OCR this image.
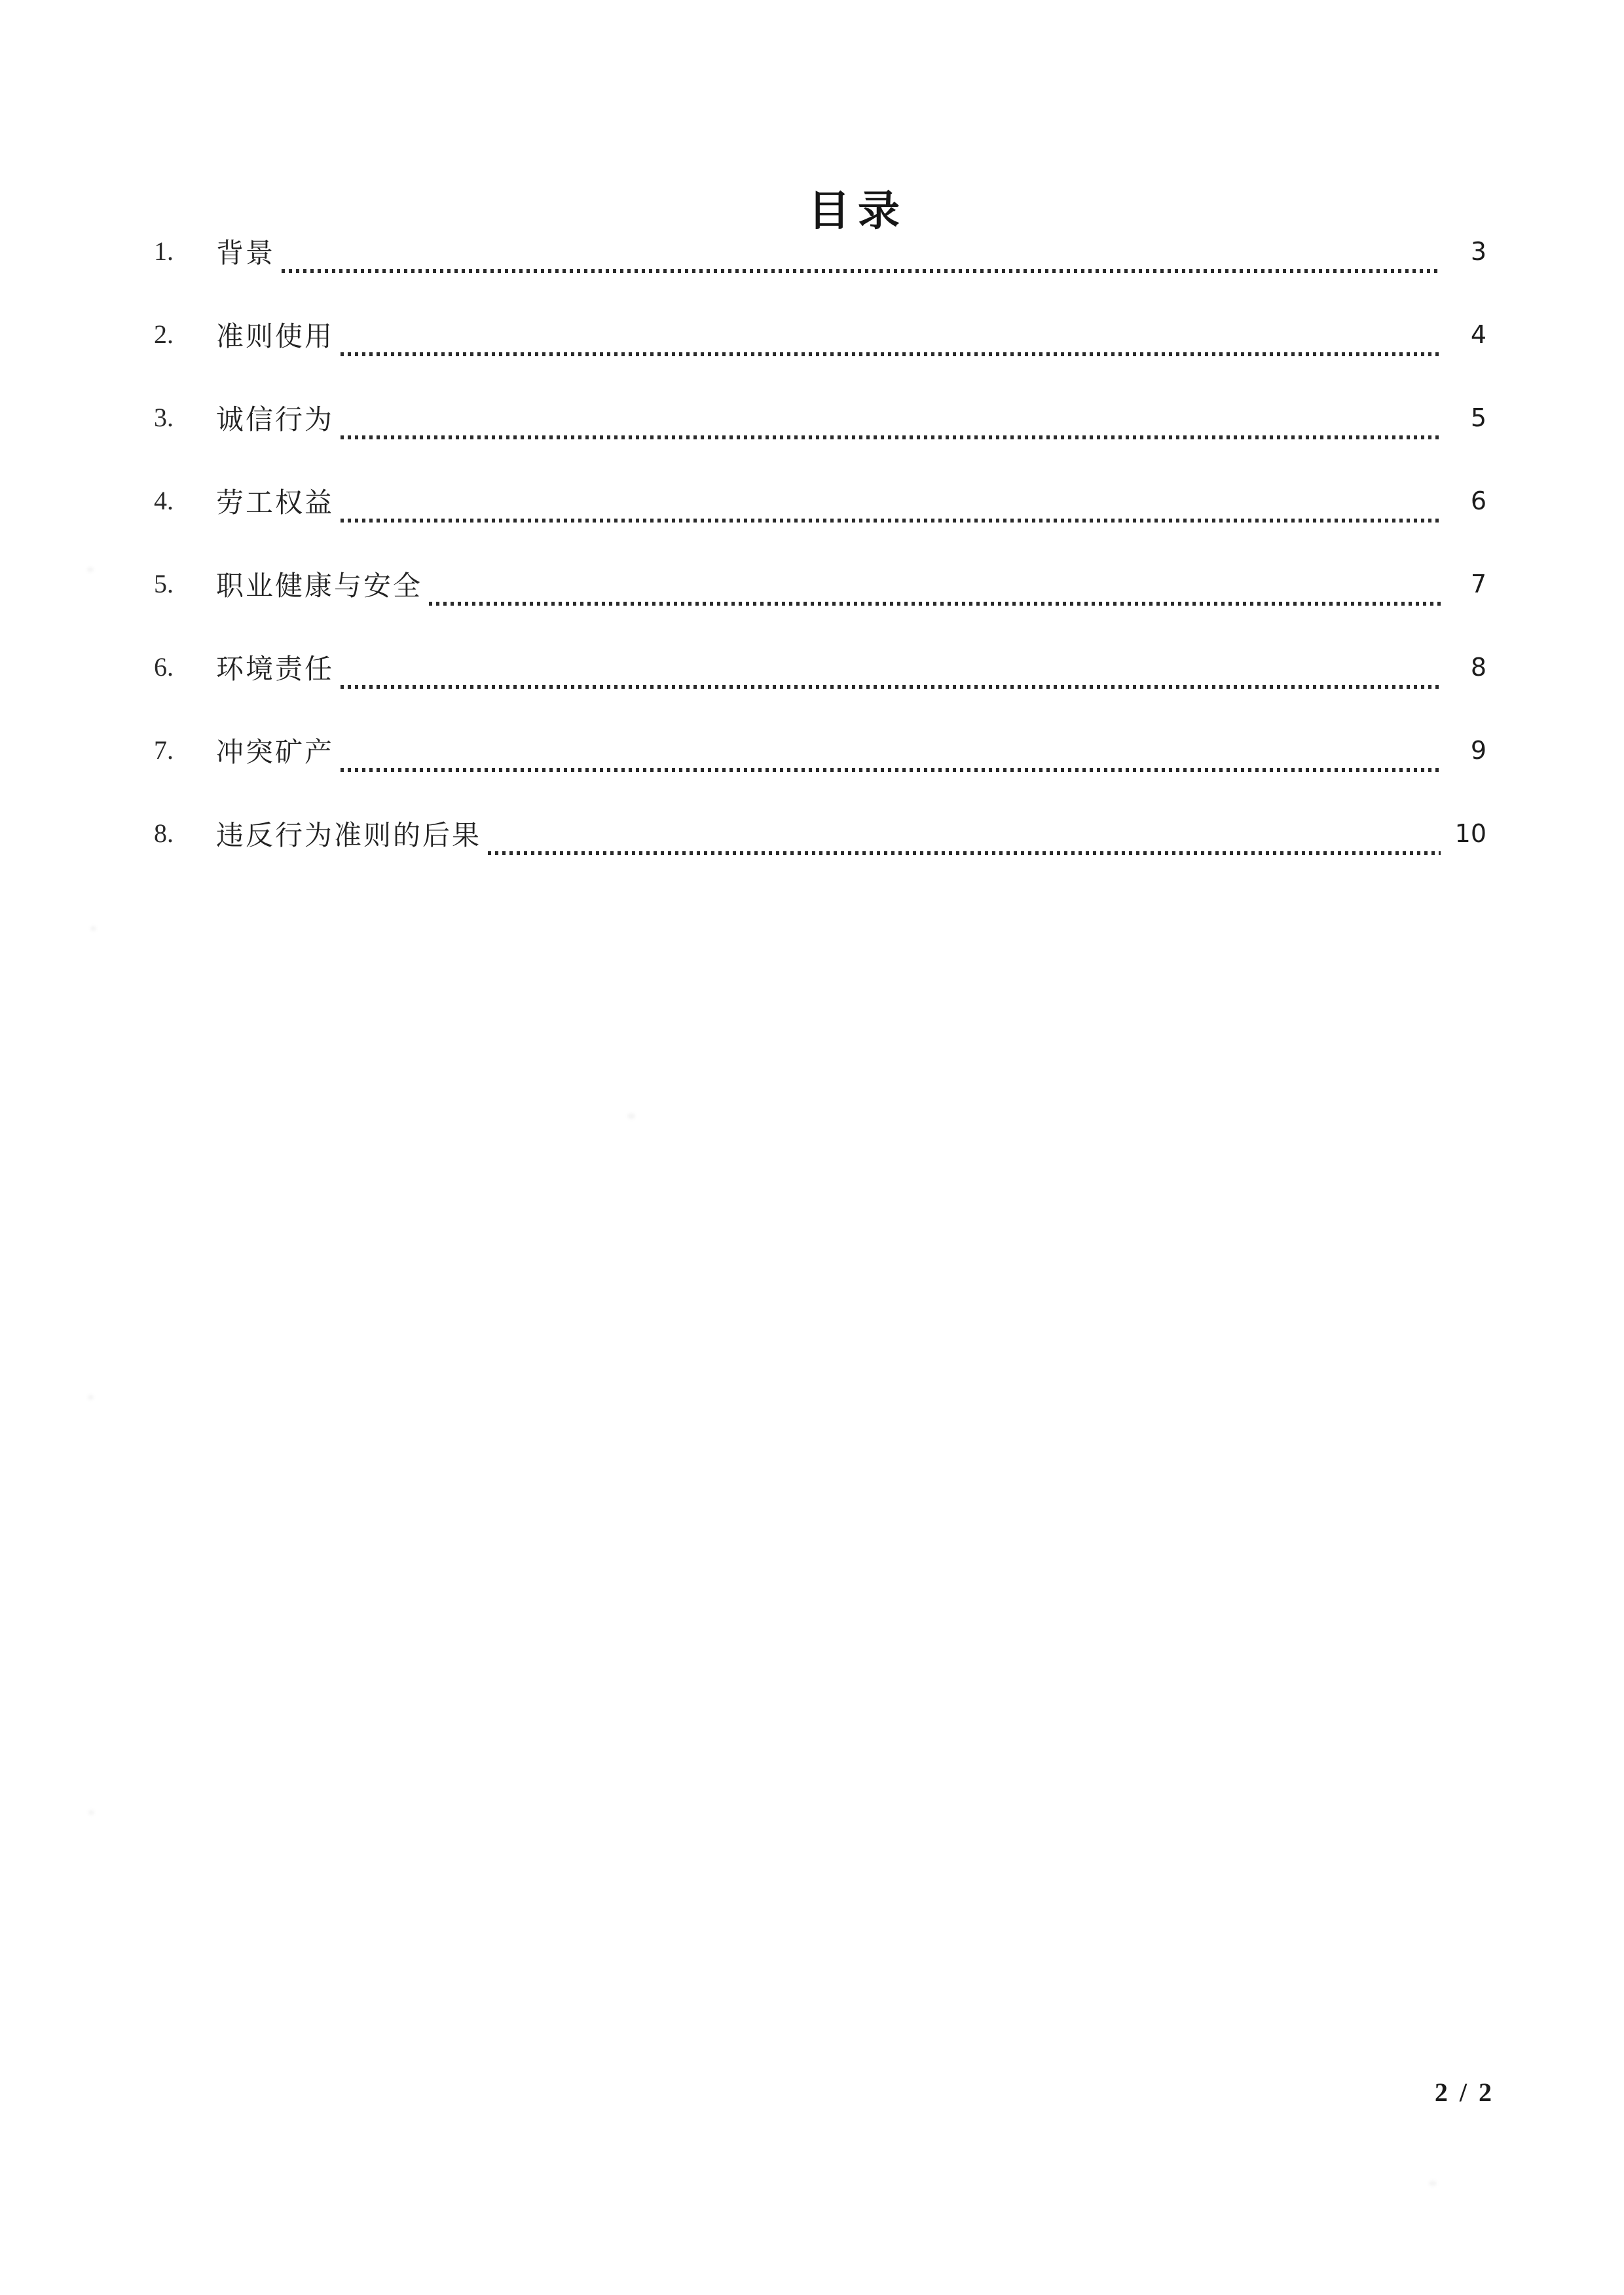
目录
1.	背景	3
2.	准则使用	4
3.	诚信行为	5
4.	劳工权益	6
5.	职业健康与安全	7
6.	环境责任	8
7.	冲突矿产	9
8.	违反行为准则的后果	10
2 / 2
